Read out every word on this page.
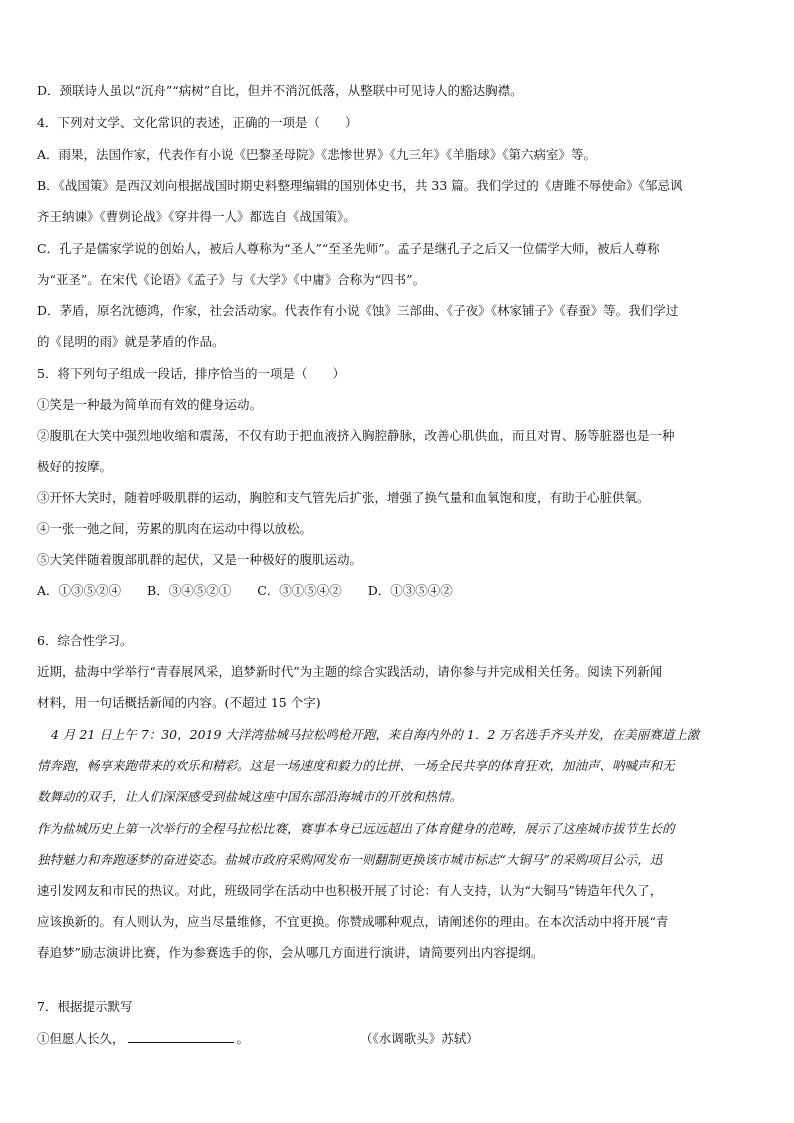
D．颈联诗人虽以“沉舟”“病树”自比，但并不消沉低落，从整联中可见诗人的豁达胸襟。
4．下列对文学、文化常识的表述，正确的一项是（　　）
A．雨果，法国作家，代表作有小说《巴黎圣母院》《悲惨世界》《九三年》《羊脂球》《第六病室》等。
B．《战国策》是西汉刘向根据战国时期史料整理编辑的国别体史书，共 33 篇。我们学过的《唐雎不辱使命》《邹忌讽
齐王纳谏》《曹刿论战》《穿井得一人》都选自《战国策》。
C．孔子是儒家学说的创始人，被后人尊称为“圣人”“至圣先师”。孟子是继孔子之后又一位儒学大师，被后人尊称
为“亚圣”。在宋代《论语》《孟子》与《大学》《中庸》合称为“四书”。
D．茅盾，原名沈德鸿，作家，社会活动家。代表作有小说《蚀》三部曲、《子夜》《林家铺子》《春蚕》等。我们学过
的《昆明的雨》就是茅盾的作品。
5．将下列句子组成一段话，排序恰当的一项是（　　）
①笑是一种最为简单而有效的健身运动。
②腹肌在大笑中强烈地收缩和震荡，不仅有助于把血液挤入胸腔静脉，改善心肌供血，而且对胃、肠等脏器也是一种
极好的按摩。
③开怀大笑时，随着呼吸肌群的运动，胸腔和支气管先后扩张，增强了换气量和血氧饱和度，有助于心脏供氧。
④一张一弛之间，劳累的肌肉在运动中得以放松。
⑤大笑伴随着腹部肌群的起伏，又是一种极好的腹肌运动。
A．①③⑤②④ B．③④⑤②① C．③①⑤④② D．①③⑤④②
6．综合性学习。
近期，盐海中学举行“青春展风采，追梦新时代”为主题的综合实践活动，请你参与并完成相关任务。阅读下列新闻
材料，用一句话概括新闻的内容。(不超过 15 个字)
4 月 21 日上午 7：30，2019 大洋湾盐城马拉松鸣枪开跑，来自海内外的 1．2 万名选手齐头并发，在美丽赛道上激
情奔跑，畅享来跑带来的欢乐和精彩。这是一场速度和毅力的比拼、一场全民共享的体育狂欢，加油声、呐喊声和无
数舞动的双手，让人们深深感受到盐城这座中国东部沿海城市的开放和热情。
作为盐城历史上第一次举行的全程马拉松比赛，赛事本身已远远超出了体育健身的范畴，展示了这座城市拔节生长的
独特魅力和奔跑逐梦的奋进姿态。盐城市政府采购网发布一则翻制更换该市城市标志“大铜马”的采购项目公示，迅
速引发网友和市民的热议。对此，班级同学在活动中也积极开展了讨论：有人支持，认为“大铜马”铸造年代久了，
应该换新的。有人则认为，应当尽量维修，不宜更换。你赞成哪种观点，请阐述你的理由。在本次活动中将开展“青
春追梦”励志演讲比赛，作为参赛选手的你，会从哪几方面进行演讲，请简要列出内容提纲。
7．根据提示默写
①但愿人长久，	。	（《水调歌头》苏轼）
